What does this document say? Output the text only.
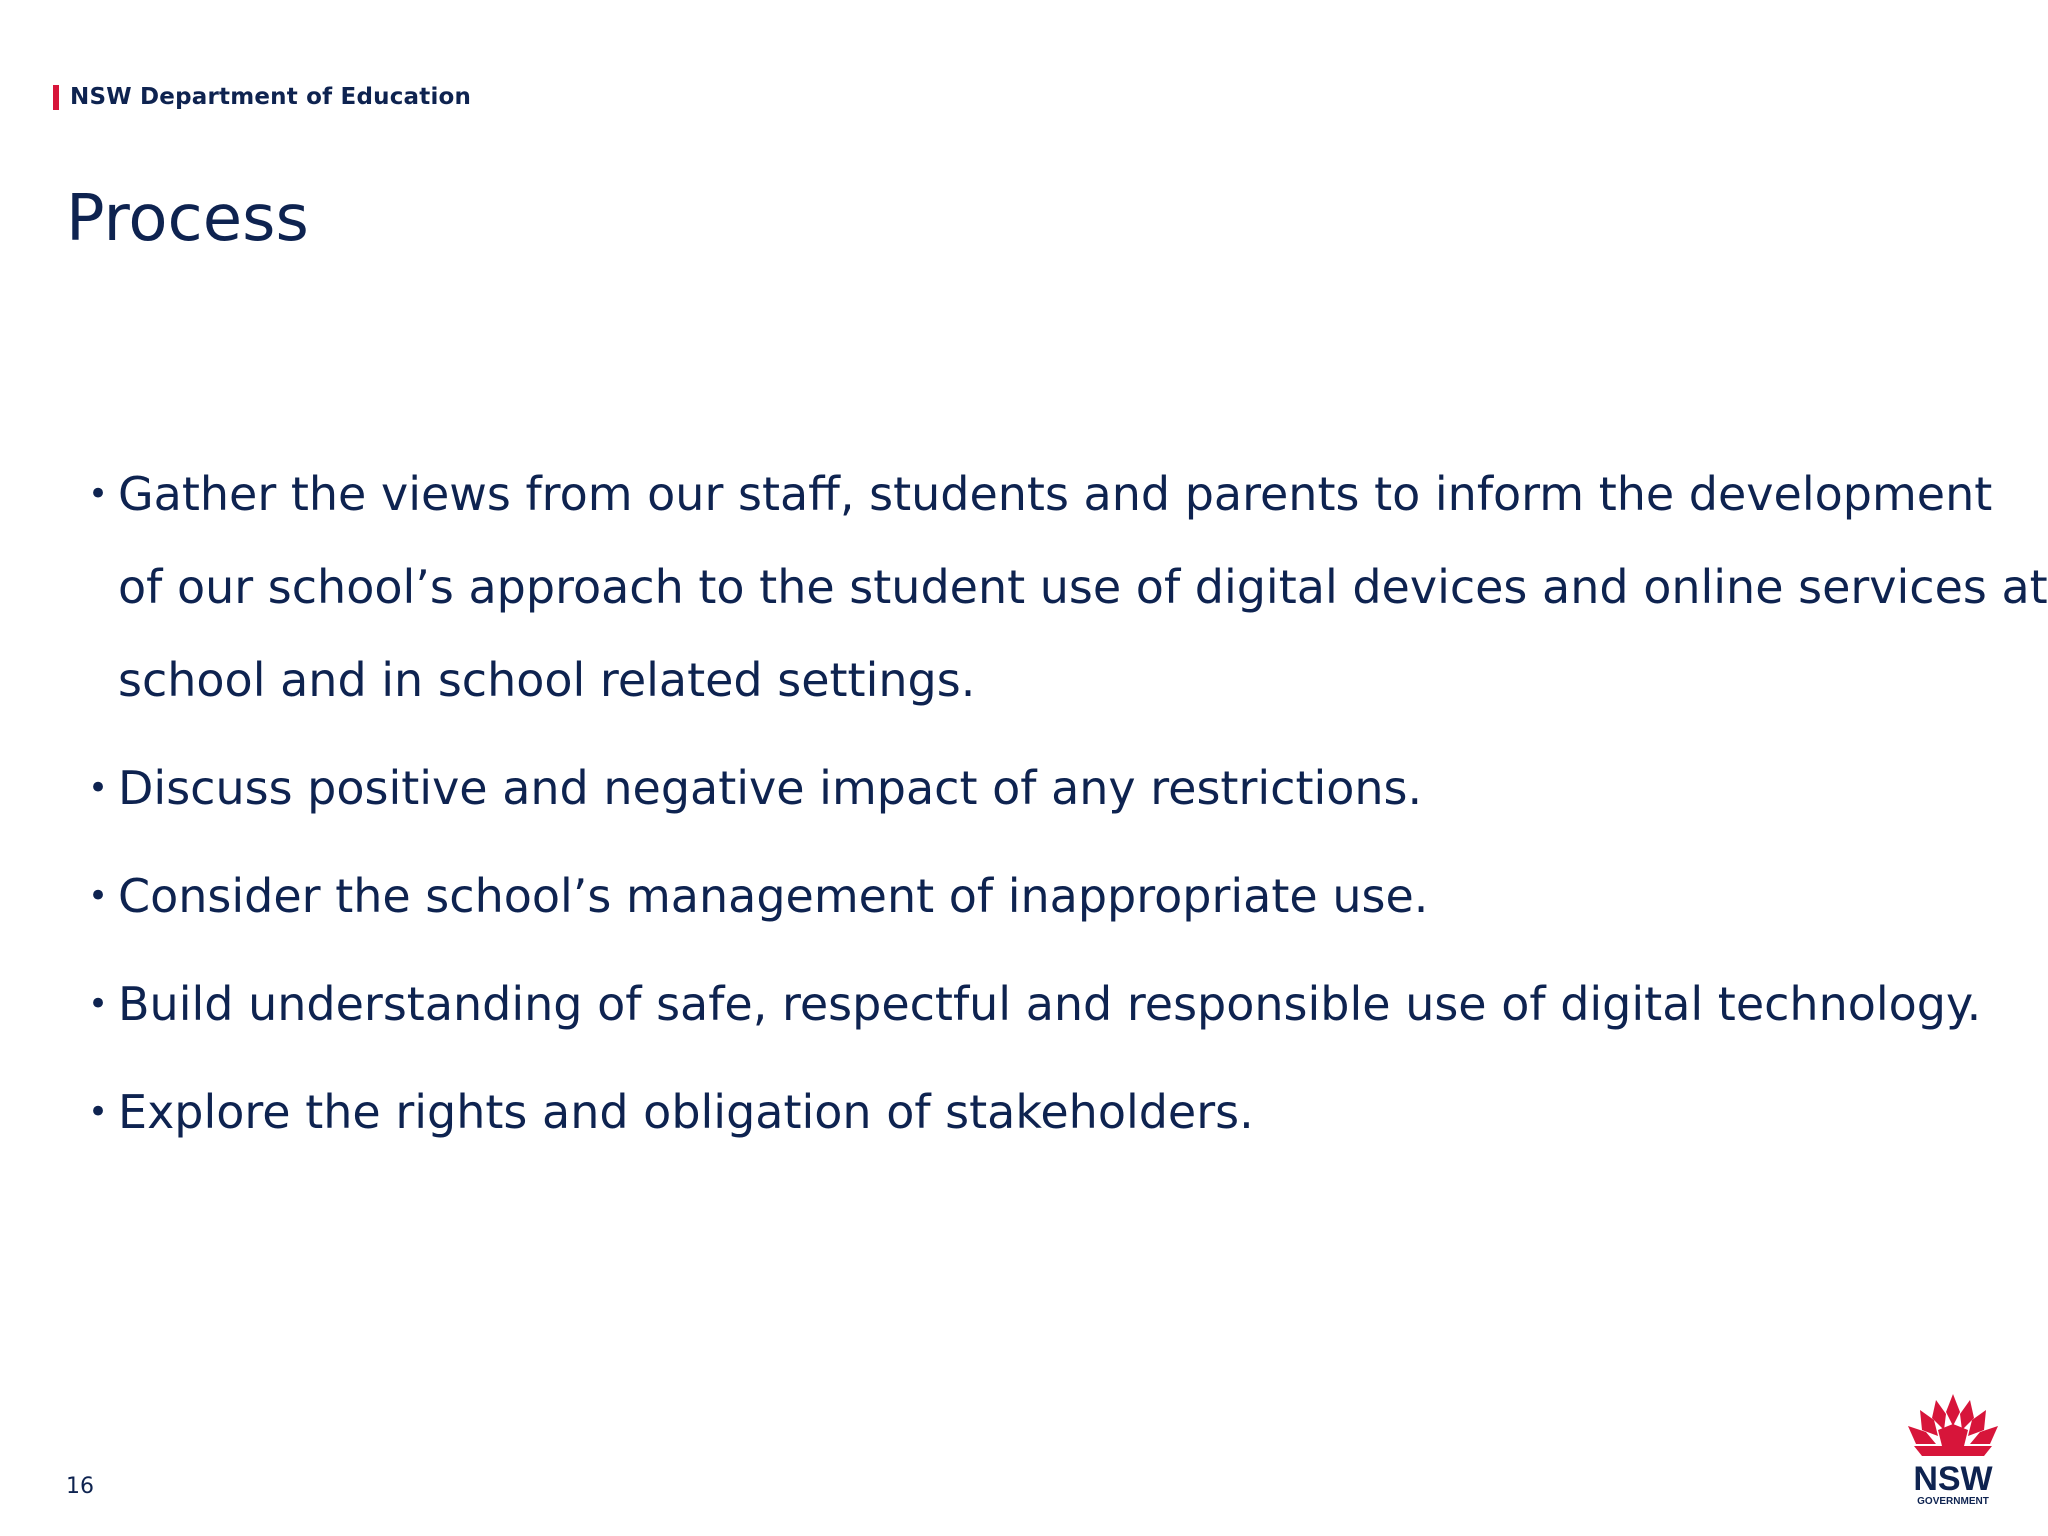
NSW Department of Education
Process
• Gather the views from our staff, students and parents to inform the development of our school’s approach to the student use of digital devices and online services at school and in school related settings.
• Discuss positive and negative impact of any restrictions.
• Consider the school’s management of inappropriate use.
• Build understanding of safe, respectful and responsible use of digital technology.
• Explore the rights and obligation of stakeholders.
16	NSW
GOVERNMENT
